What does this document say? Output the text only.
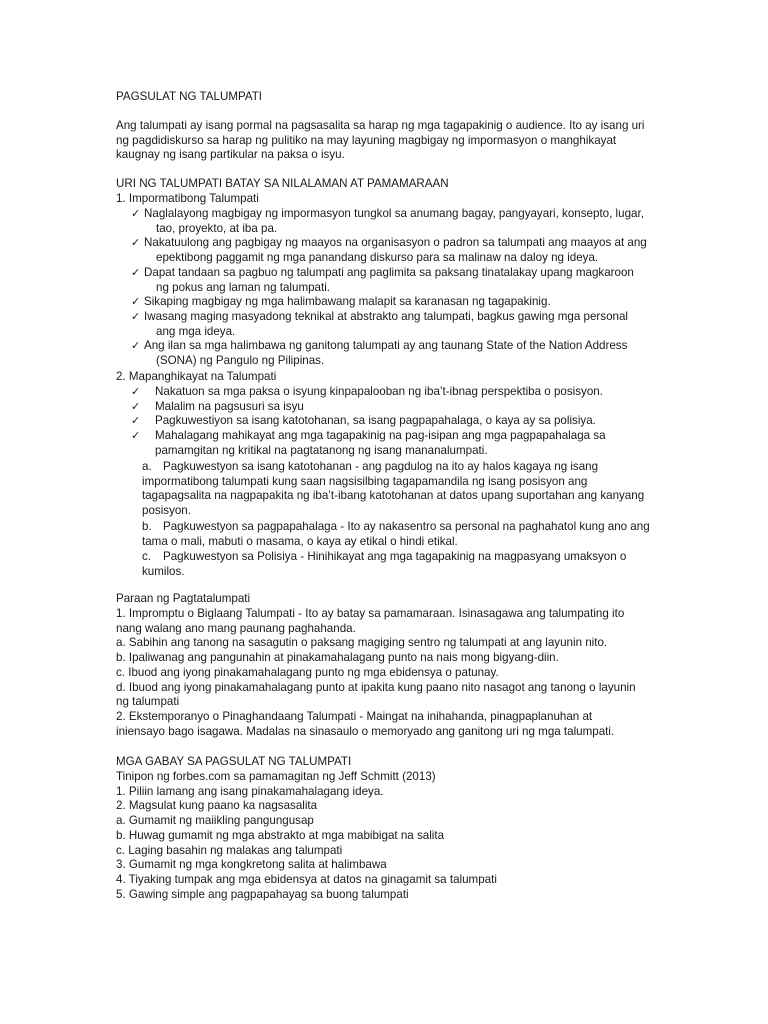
PAGSULAT NG TALUMPATI
Ang talumpati ay isang pormal na pagsasalita sa harap ng mga tagapakinig o audience. Ito ay isang uri
ng pagdidiskurso sa harap ng pulitiko na may layuning magbigay ng impormasyon o manghikayat
kaugnay ng isang partikular na paksa o isyu.
URI NG TALUMPATI BATAY SA NILALAMAN AT PAMAMARAAN
1. Impormatibong Talumpati
✓ Naglalayong magbigay ng impormasyon tungkol sa anumang bagay, pangyayari, konsepto, lugar,
tao, proyekto, at iba pa.
✓ Nakatuulong ang pagbigay ng maayos na organisasyon o padron sa talumpati ang maayos at ang
epektibong paggamit ng mga panandang diskurso para sa malinaw na daloy ng ideya.
✓ Dapat tandaan sa pagbuo ng talumpati ang paglimita sa paksang tinatalakay upang magkaroon
ng pokus ang laman ng talumpati.
✓ Sikaping magbigay ng mga halimbawang malapit sa karanasan ng tagapakinig.
✓ Iwasang maging masyadong teknikal at abstrakto ang talumpati, bagkus gawing mga personal
ang mga ideya.
✓ Ang ilan sa mga halimbawa ng ganitong talumpati ay ang taunang State of the Nation Address
(SONA) ng Pangulo ng Pilipinas.
2. Mapanghikayat na Talumpati
✓ Nakatuon sa mga paksa o isyung kinpapalooban ng iba’t-ibnag perspektiba o posisyon.
✓ Malalim na pagsusuri sa isyu
✓ Pagkuwestiyon sa isang katotohanan, sa isang pagpapahalaga, o kaya ay sa polisiya.
✓ Mahalagang mahikayat ang mga tagapakinig na pag-isipan ang mga pagpapahalaga sa
pamamgitan ng kritikal na pagtatanong ng isang mananalumpati.
a. Pagkuwestyon sa isang katotohanan - ang pagdulog na ito ay halos kagaya ng isang
impormatibong talumpati kung saan nagsisilbing tagapamandila ng isang posisyon ang
tagapagsalita na nagpapakita ng iba’t-ibang katotohanan at datos upang suportahan ang kanyang
posisyon.
b. Pagkuwestyon sa pagpapahalaga - Ito ay nakasentro sa personal na paghahatol kung ano ang
tama o mali, mabuti o masama, o kaya ay etikal o hindi etikal.
c. Pagkuwestyon sa Polisiya - Hinihikayat ang mga tagapakinig na magpasyang umaksyon o
kumilos.
Paraan ng Pagtatalumpati
1. Impromptu o Biglaang Talumpati - Ito ay batay sa pamamaraan. Isinasagawa ang talumpating ito
nang walang ano mang paunang paghahanda.
a. Sabihin ang tanong na sasagutin o paksang magiging sentro ng talumpati at ang layunin nito.
b. Ipaliwanag ang pangunahin at pinakamahalagang punto na nais mong bigyang-diin.
c. Ibuod ang iyong pinakamahalagang punto ng mga ebidensya o patunay.
d. Ibuod ang iyong pinakamahalagang punto at ipakita kung paano nito nasagot ang tanong o layunin
ng talumpati
2. Ekstemporanyo o Pinaghandaang Talumpati - Maingat na inihahanda, pinagpaplanuhan at
iniensayo bago isagawa. Madalas na sinasaulo o memoryado ang ganitong uri ng mga talumpati.
MGA GABAY SA PAGSULAT NG TALUMPATI
Tinipon ng forbes.com sa pamamagitan ng Jeff Schmitt (2013)
1. Piliin lamang ang isang pinakamahalagang ideya.
2. Magsulat kung paano ka nagsasalita
a. Gumamit ng maiikling pangungusap
b. Huwag gumamit ng mga abstrakto at mga mabibigat na salita
c. Laging basahin ng malakas ang talumpati
3. Gumamit ng mga kongkretong salita at halimbawa
4. Tiyaking tumpak ang mga ebidensya at datos na ginagamit sa talumpati
5. Gawing simple ang pagpapahayag sa buong talumpati
